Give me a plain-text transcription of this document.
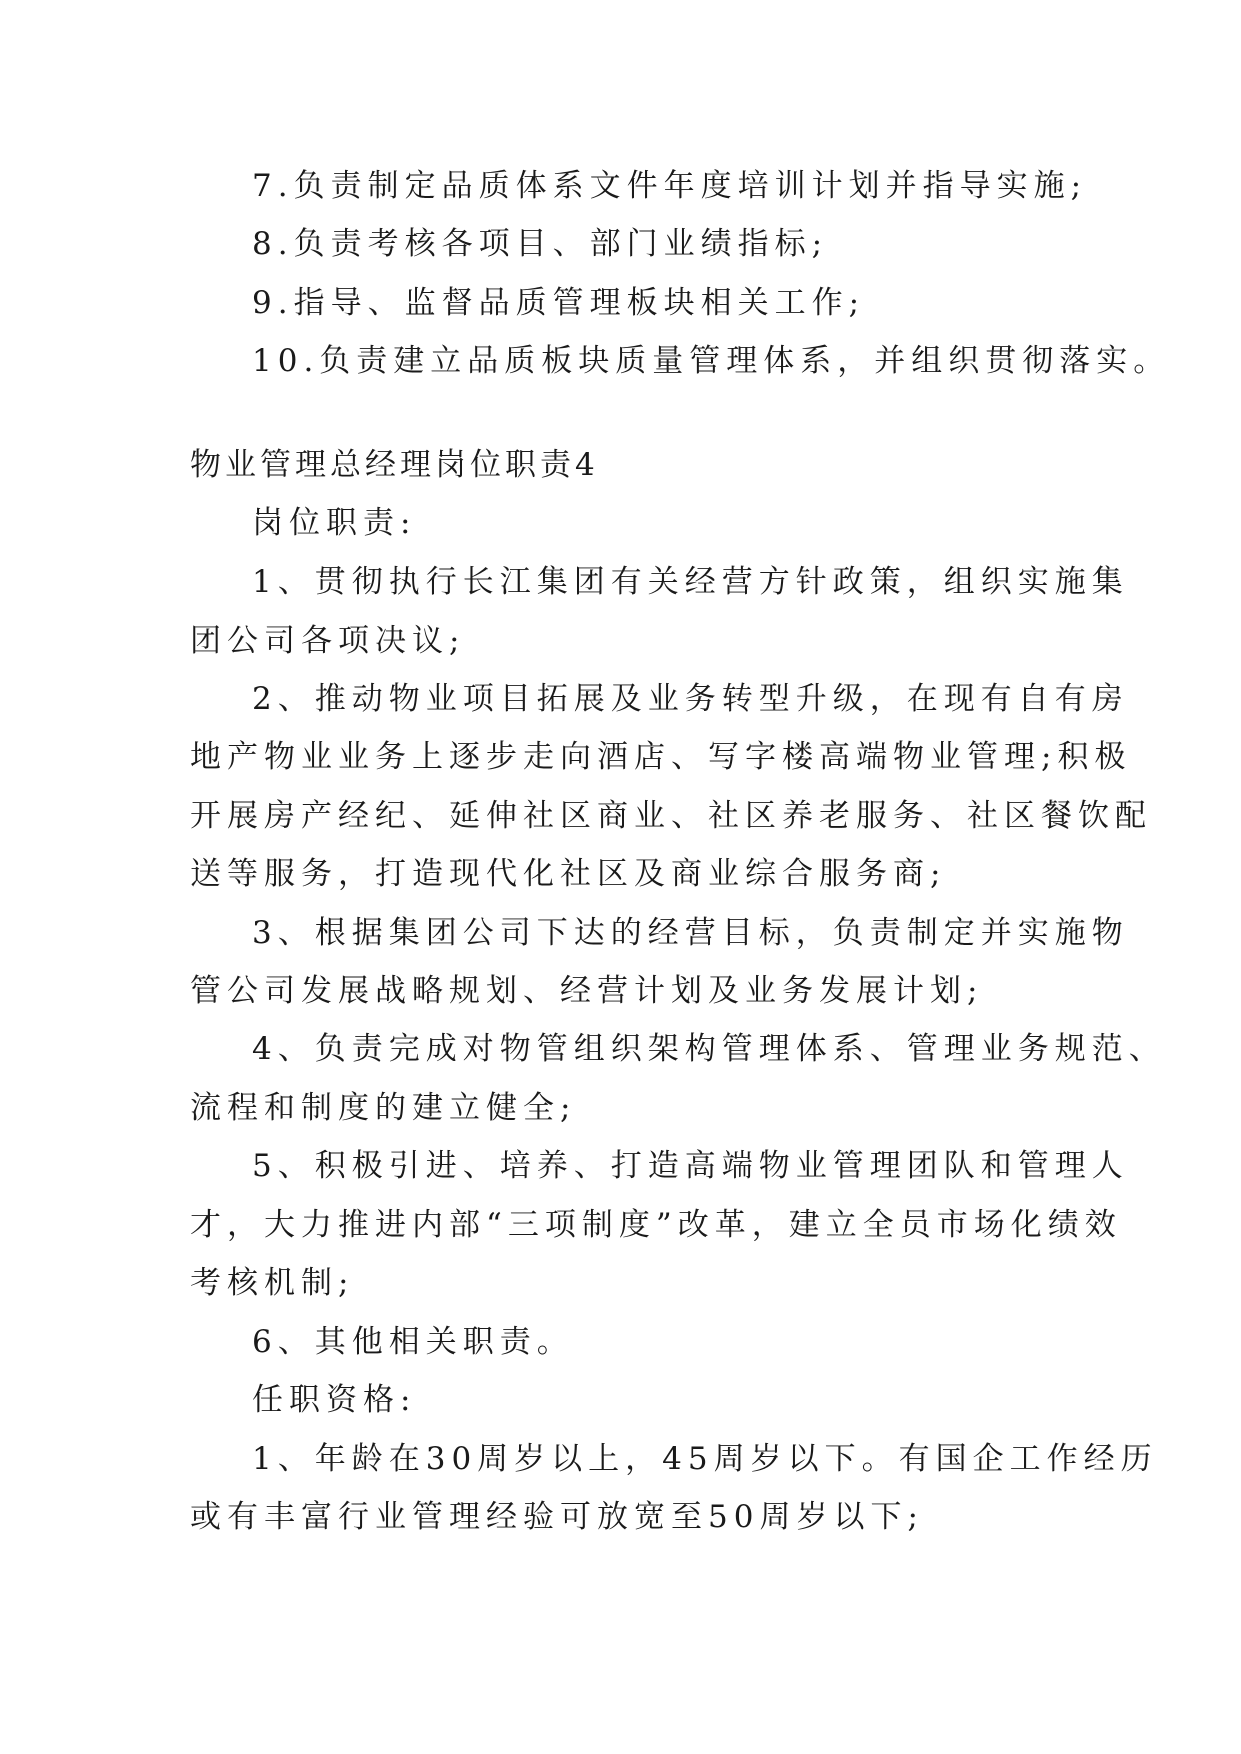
7.负责制定品质体系文件年度培训计划并指导实施;
8.负责考核各项目、部门业绩指标;
9.指导、监督品质管理板块相关工作;
10.负责建立品质板块质量管理体系，并组织贯彻落实。
物业管理总经理岗位职责4
岗位职责:
1、贯彻执行长江集团有关经营方针政策，组织实施集
团公司各项决议;
2、推动物业项目拓展及业务转型升级，在现有自有房
地产物业业务上逐步走向酒店、写字楼高端物业管理;积极
开展房产经纪、延伸社区商业、社区养老服务、社区餐饮配
送等服务，打造现代化社区及商业综合服务商;
3、根据集团公司下达的经营目标，负责制定并实施物
管公司发展战略规划、经营计划及业务发展计划;
4、负责完成对物管组织架构管理体系、管理业务规范、
流程和制度的建立健全;
5、积极引进、培养、打造高端物业管理团队和管理人
才，大力推进内部“三项制度”改革，建立全员市场化绩效
考核机制;
6、其他相关职责。
任职资格:
1、年龄在30周岁以上，45周岁以下。有国企工作经历
或有丰富行业管理经验可放宽至50周岁以下;
